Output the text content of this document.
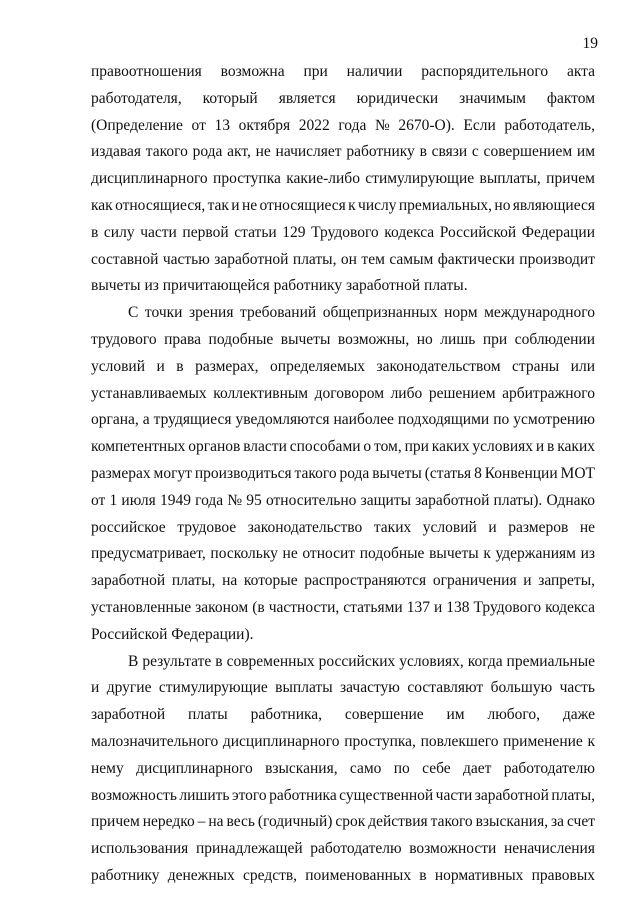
19

правоотношения возможна при наличии распорядительного акта
работодателя, который является юридически значимым фактом
(Определение от 13 октября 2022 года № 2670-О). Если работодатель,
издавая такого рода акт, не начисляет работнику в связи с совершением им
дисциплинарного проступка какие-либо стимулирующие выплаты, причем
как относящиеся, так и не относящиеся к числу премиальных, но являющиеся
в силу части первой статьи 129 Трудового кодекса Российской Федерации
составной частью заработной платы, он тем самым фактически производит
вычеты из причитающейся работнику заработной платы.

С точки зрения требований общепризнанных норм международного
трудового права подобные вычеты возможны, но лишь при соблюдении
условий и в размерах, определяемых законодательством страны или
устанавливаемых коллективным договором либо решением арбитражного
органа, а трудящиеся уведомляются наиболее подходящими по усмотрению
компетентных органов власти способами о том, при каких условиях и в каких
размерах могут производиться такого рода вычеты (статья 8 Конвенции МОТ
от 1 июля 1949 года № 95 относительно защиты заработной платы). Однако
российское трудовое законодательство таких условий и размеров не
предусматривает, поскольку не относит подобные вычеты к удержаниям из
заработной платы, на которые распространяются ограничения и запреты,
установленные законом (в частности, статьями 137 и 138 Трудового кодекса
Российской Федерации).

В результате в современных российских условиях, когда премиальные
и другие стимулирующие выплаты зачастую составляют большую часть
заработной платы работника, совершение им любого, даже
малозначительного дисциплинарного проступка, повлекшего применение к
нему дисциплинарного взыскания, само по себе дает работодателю
возможность лишить этого работника существенной части заработной платы,
причем нередко – на весь (годичный) срок действия такого взыскания, за счет
использования принадлежащей работодателю возможности неначисления
работнику денежных средств, поименованных в нормативных правовых
